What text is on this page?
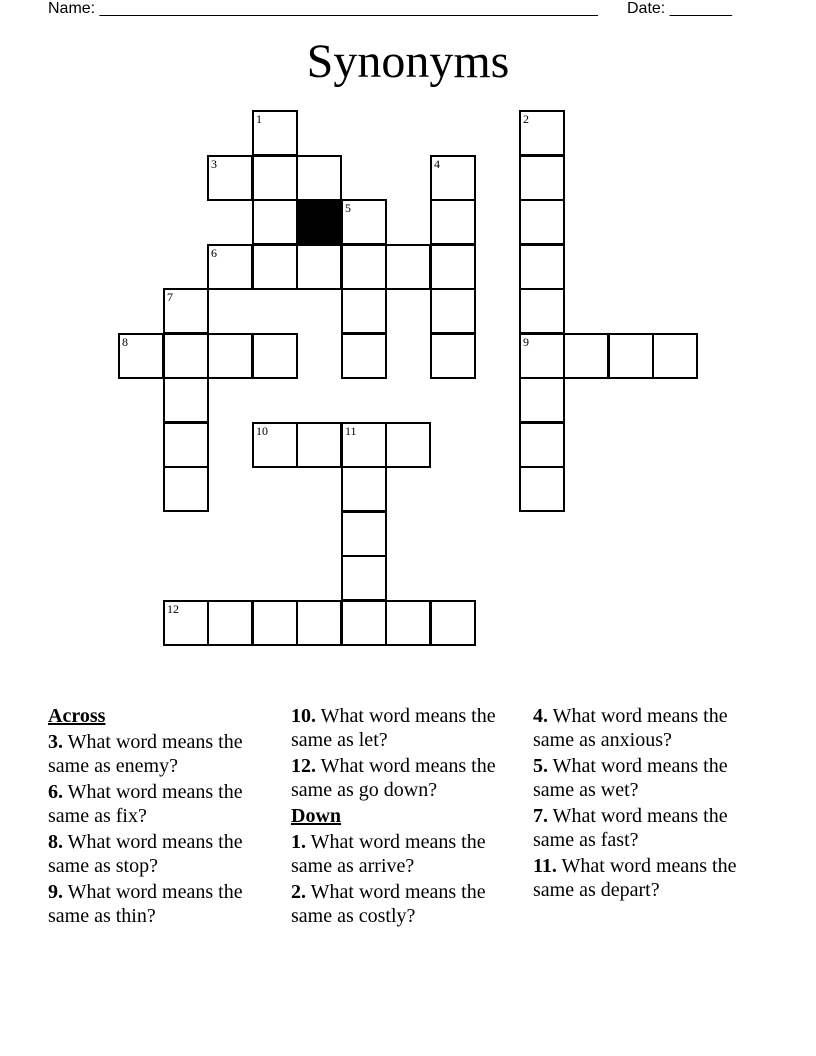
Name: ________________________________________________________ Date: _______
Synonyms
1
3
5
6
7
8
10	11
12
4
2
9
Across
3. What word means the same as enemy?
6. What word means the same as fix?
8. What word means the same as stop?
9. What word means the same as thin?
10. What word means the same as let?
12. What word means the same as go down?
Down
1. What word means the same as arrive?
2. What word means the same as costly?
4. What word means the same as anxious?
5. What word means the same as wet?
7. What word means the same as fast?
11. What word means the same as depart?
